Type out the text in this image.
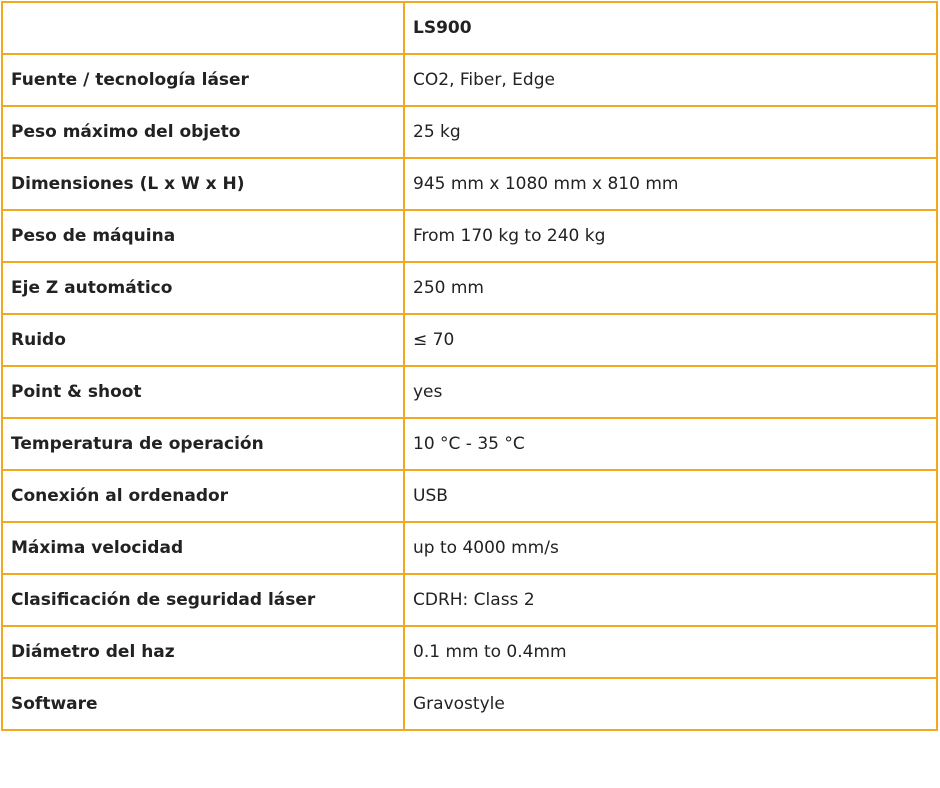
	LS900
Fuente / tecnología láser	CO2, Fiber, Edge
Peso máximo del objeto	25 kg
Dimensiones (L x W x H)	945 mm x 1080 mm x 810 mm
Peso de máquina	From 170 kg to 240 kg
Eje Z automático	250 mm
Ruido	≤ 70
Point & shoot	yes
Temperatura de operación	10 °C - 35 °C
Conexión al ordenador	USB
Máxima velocidad	up to 4000 mm/s
Clasificación de seguridad láser	CDRH: Class 2
Diámetro del haz	0.1 mm to 0.4mm
Software	Gravostyle
